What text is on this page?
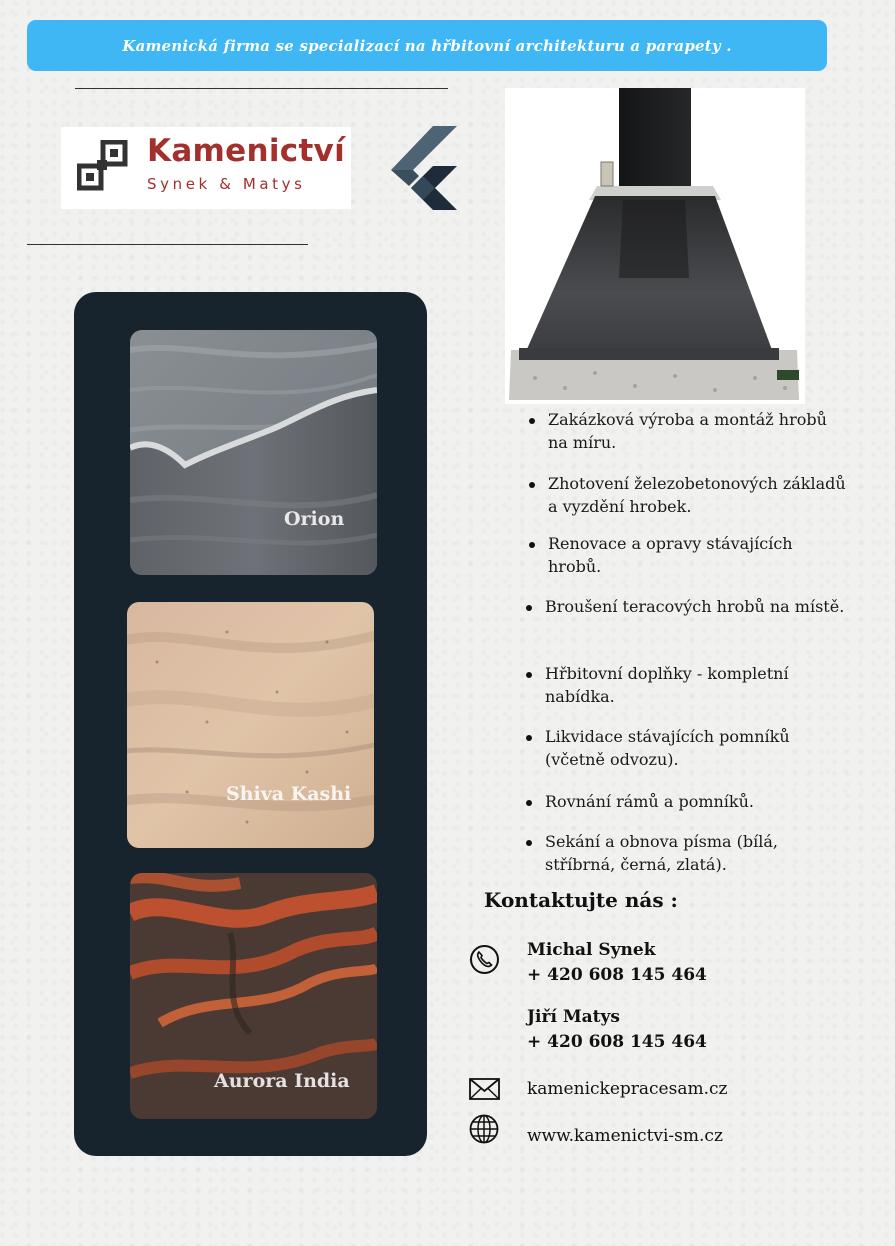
Kamenická firma se specializací na hřbitovní architekturu a parapety .
Kamenictví
Synek & Matys
Orion
Shiva Kashi
Aurora India
Zakázková výroba a montáž hrobů na míru.
Zhotovení železobetonových základů a vyzdění hrobek.
Renovace a opravy stávajících hrobů.
Broušení teracových hrobů na místě.
Hřbitovní doplňky - kompletní nabídka.
Likvidace stávajících pomníků (včetně odvozu).
Rovnání rámů a pomníků.
Sekání a obnova písma (bílá, stříbrná, černá, zlatá).
Kontaktujte nás :
Michal Synek
+ 420 608 145 464
Jiří Matys
+ 420 608 145 464
kamenickepracesam.cz
www.kamenictvi-sm.cz
